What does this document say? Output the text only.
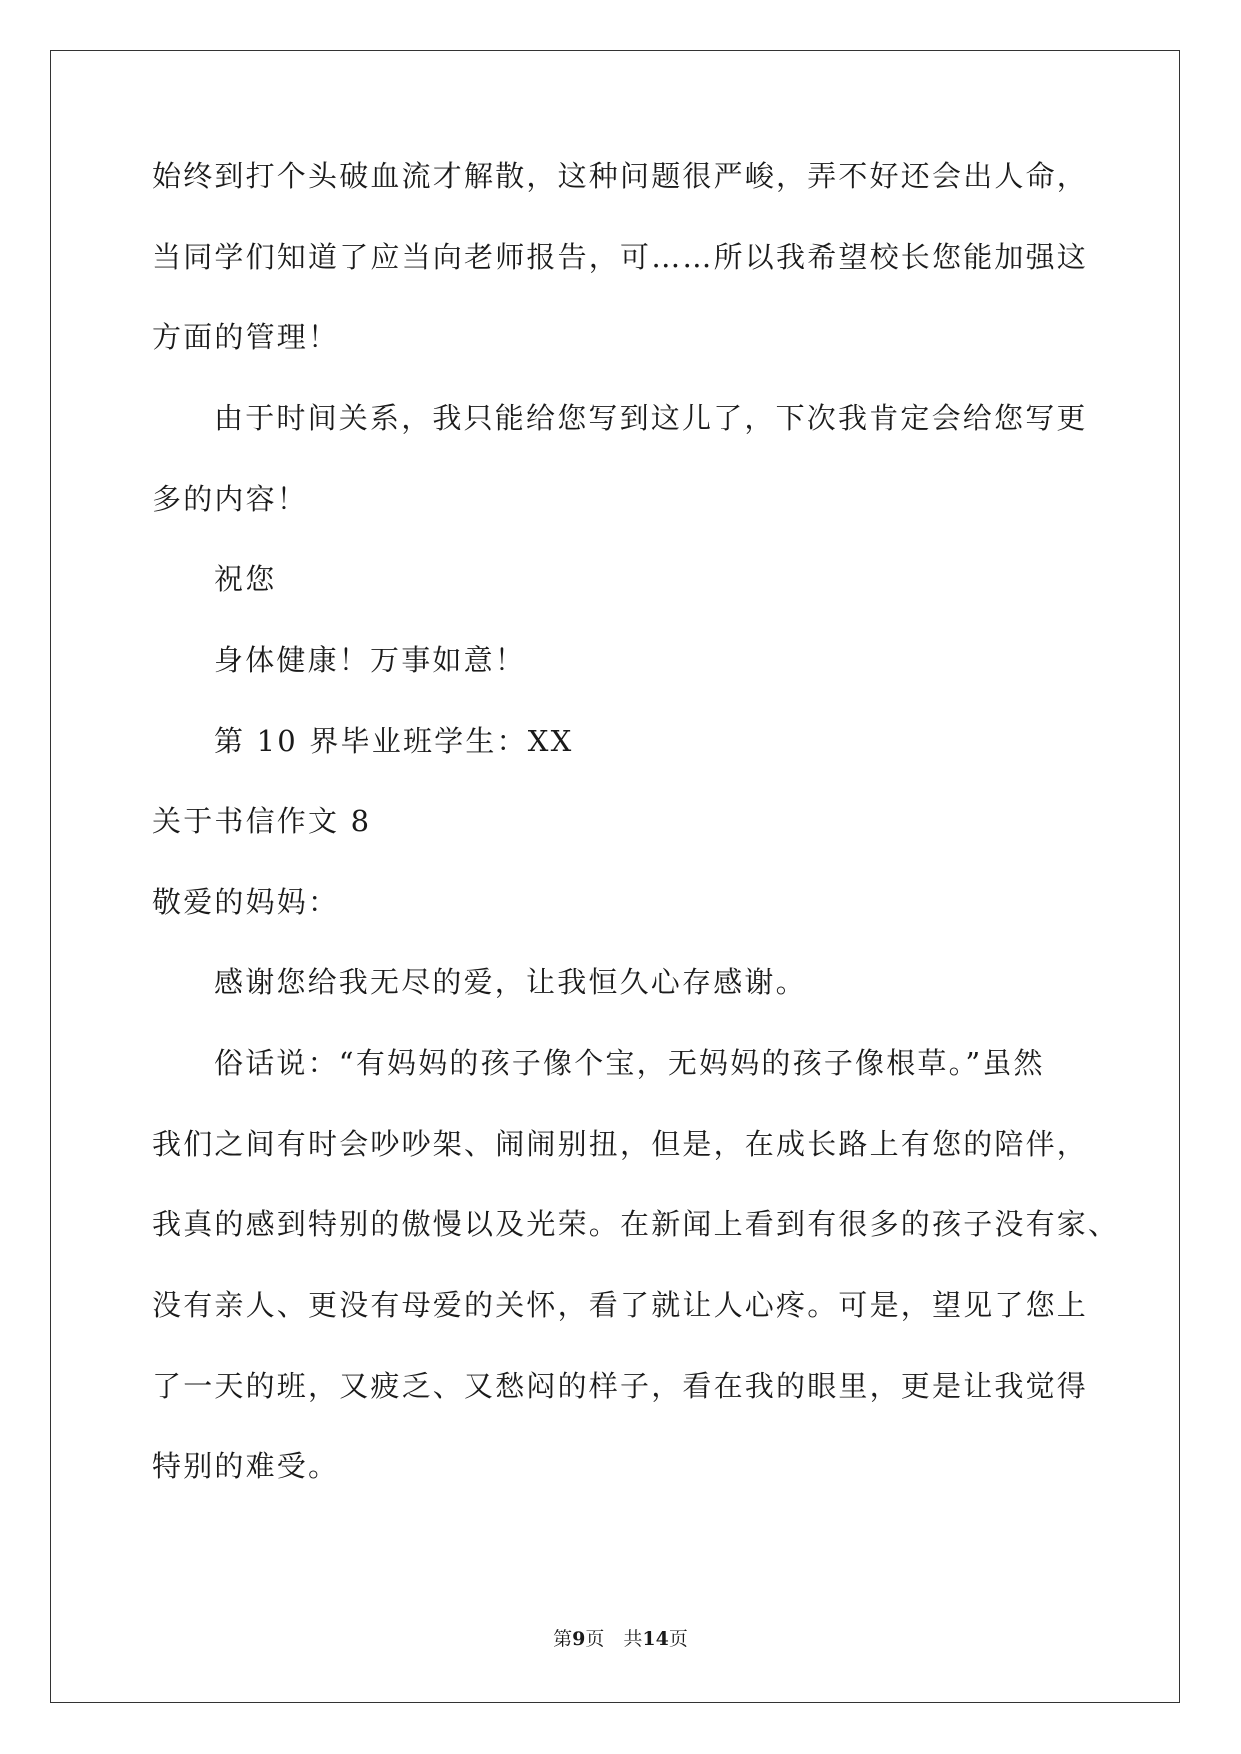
始终到打个头破血流才解散，这种问题很严峻，弄不好还会出人命，
当同学们知道了应当向老师报告，可……所以我希望校长您能加强这
方面的管理！
由于时间关系，我只能给您写到这儿了，下次我肯定会给您写更
多的内容！
祝您
身体健康！万事如意！
第 10 界毕业班学生：XX
关于书信作文 8
敬爱的妈妈：
感谢您给我无尽的爱，让我恒久心存感谢。
俗话说：“有妈妈的孩子像个宝，无妈妈的孩子像根草。”虽然
我们之间有时会吵吵架、闹闹别扭，但是，在成长路上有您的陪伴，
我真的感到特别的傲慢以及光荣。在新闻上看到有很多的孩子没有家、
没有亲人、更没有母爱的关怀，看了就让人心疼。可是，望见了您上
了一天的班，又疲乏、又愁闷的样子，看在我的眼里，更是让我觉得
特别的难受。
第9页  共14页
